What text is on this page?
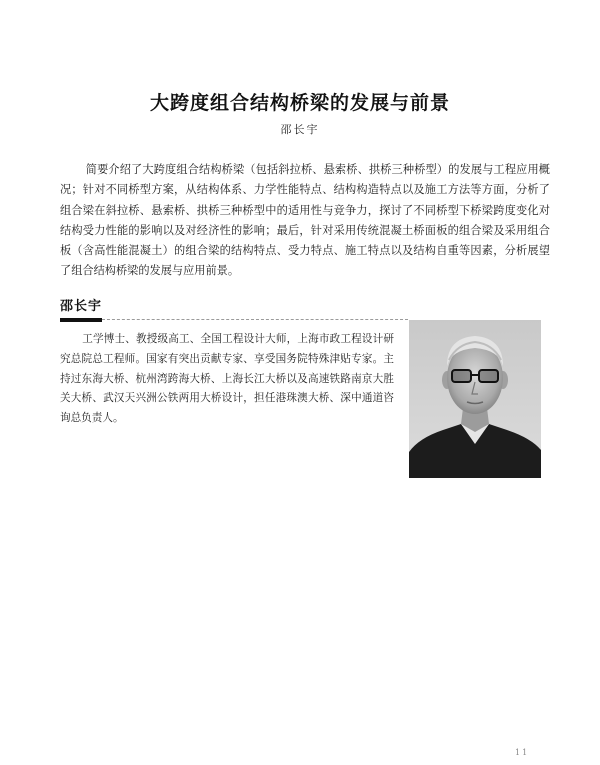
大跨度组合结构桥梁的发展与前景
邵长宇

简要介绍了大跨度组合结构桥梁（包括斜拉桥、悬索桥、拱桥三种桥型）的发展与工程应用概况；针对不同桥型方案，从结构体系、力学性能特点、结构构造特点以及施工方法等方面，分析了组合梁在斜拉桥、悬索桥、拱桥三种桥型中的适用性与竞争力，探讨了不同桥型下桥梁跨度变化对结构受力性能的影响以及对经济性的影响；最后，针对采用传统混凝土桥面板的组合梁及采用组合板（含高性能混凝土）的组合梁的结构特点、受力特点、施工特点以及结构自重等因素，分析展望了组合结构桥梁的发展与应用前景。

邵长宇

工学博士、教授级高工、全国工程设计大师，上海市政工程设计研究总院总工程师。国家有突出贡献专家、享受国务院特殊津贴专家。主持过东海大桥、杭州湾跨海大桥、上海长江大桥以及高速铁路南京大胜关大桥、武汉天兴洲公铁两用大桥设计，担任港珠澳大桥、深中通道咨询总负责人。

11
